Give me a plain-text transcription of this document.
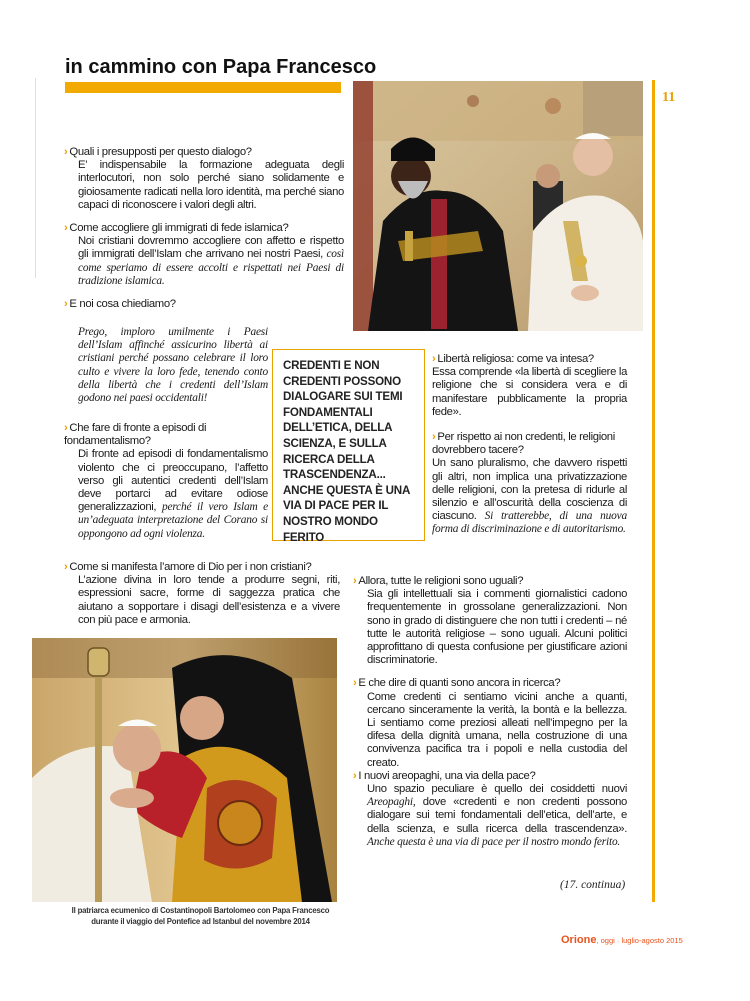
in cammino con Papa Francesco
11
› Quali i presupposti per questo dialogo?
E’ indispensabile la formazione adeguata degli interlocutori, non solo perché siano solidamente e gioiosamente radicati nella loro identità, ma perché siano capaci di riconoscere i valori degli altri.
› Come accogliere gli immigrati di fede islamica?
Noi cristiani dovremmo accogliere con affetto e rispetto gli immigrati dell’Islam che arrivano nei nostri Paesi, così come speriamo di essere accolti e rispettati nei Paesi di tradizione islamica.
› E noi cosa chiediamo?
Prego, imploro umilmente i Paesi dell’Islam affinché assicurino libertà ai cristiani perché possano celebrare il loro culto e vivere la loro fede, tenendo conto della libertà che i credenti dell’Islam godono nei paesi occidentali!
› Che fare di fronte a episodi di fondamentalismo?
Di fronte ad episodi di fondamentalismo violento che ci preoccupano, l’affetto verso gli autentici credenti dell’Islam deve portarci ad evitare odiose generalizzazioni, perché il vero Islam e un’adeguata interpretazione del Corano si oppongono ad ogni violenza.
› Come si manifesta l’amore di Dio per i non cristiani?
L’azione divina in loro tende a produrre segni, riti, espressioni sacre, forme di saggezza pratica che aiutano a sopportare i disagi dell’esistenza e a vivere con più pace e armonia.

CREDENTI E NON CREDENTI POSSONO DIALOGARE SUI TEMI FONDAMENTALI DELL’ETICA, DELLA SCIENZA, E SULLA RICERCA DELLA TRASCENDENZA... ANCHE QUESTA È UNA VIA DI PACE PER IL NOSTRO MONDO FERITO

› Libertà religiosa: come va intesa?
Essa comprende «la libertà di scegliere la religione che si considera vera e di manifestare pubblicamente la propria fede».
› Per rispetto ai non credenti, le religioni dovrebbero tacere?
Un sano pluralismo, che davvero rispetti gli altri, non implica una privatizzazione delle religioni, con la pretesa di ridurle al silenzio e all’oscurità della coscienza di ciascuno. Si tratterebbe, di una nuova forma di discriminazione e di autoritarismo.
› Allora, tutte le religioni sono uguali?
Sia gli intellettuali sia i commenti giornalistici cadono frequentemente in grossolane generalizzazioni. Non sono in grado di distinguere che non tutti i credenti – né tutte le autorità religiose – sono uguali. Alcuni politici approfittano di questa confusione per giustificare azioni discriminatorie.
› E che dire di quanti sono ancora in ricerca?
Come credenti ci sentiamo vicini anche a quanti, cercano sinceramente la verità, la bontà e la bellezza. Li sentiamo come preziosi alleati nell’impegno per la difesa della dignità umana, nella costruzione di una convivenza pacifica tra i popoli e nella custodia del creato.
› I nuovi areopaghi, una via della pace?
Uno spazio peculiare è quello dei cosiddetti nuovi Areopaghi, dove «credenti e non credenti possono dialogare sui temi fondamentali dell’etica, dell’arte, e della scienza, e sulla ricerca della trascendenza». Anche questa è una via di pace per il nostro mondo ferito.
(17. continua)
Il patriarca ecumenico di Costantinopoli Bartolomeo con Papa Francesco durante il viaggio del Pontefice ad Istanbul del novembre 2014
Orione, oggi · luglio-agosto 2015
